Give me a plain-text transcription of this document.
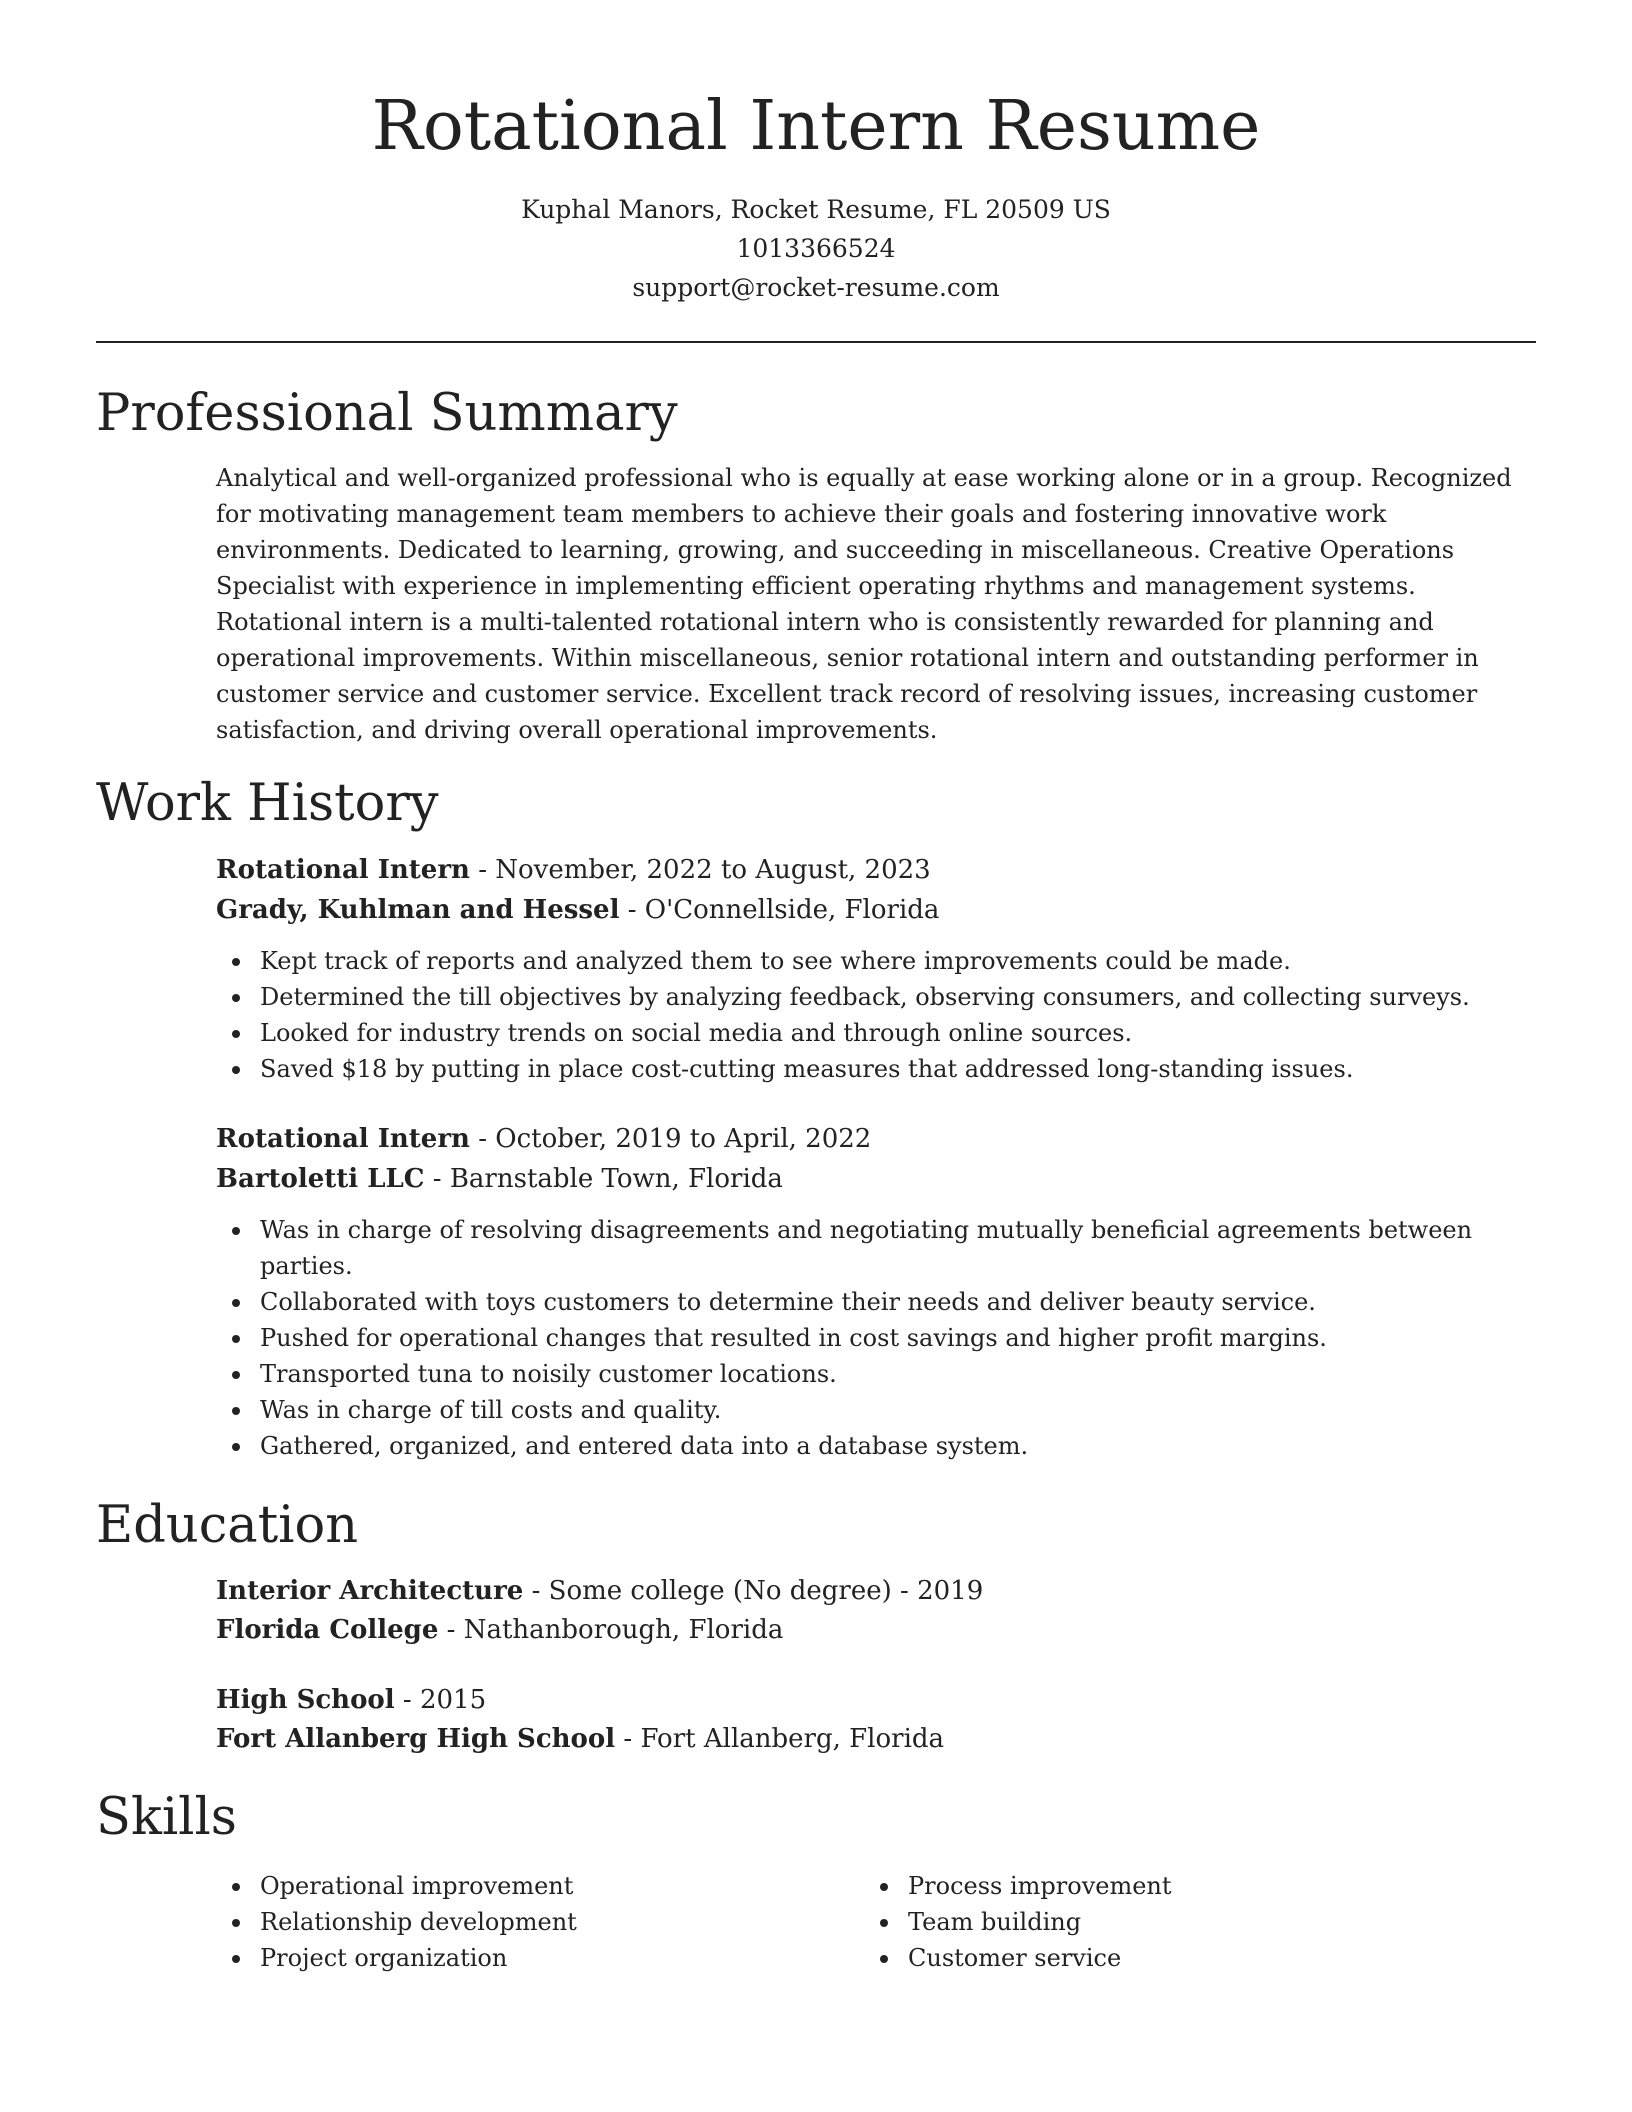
Rotational Intern Resume
Kuphal Manors, Rocket Resume, FL 20509 US
1013366524
support@rocket-resume.com
Professional Summary

Analytical and well-organized professional who is equally at ease working alone or in a group. Recognized for motivating management team members to achieve their goals and fostering innovative work environments. Dedicated to learning, growing, and succeeding in miscellaneous. Creative Operations Specialist with experience in implementing efficient operating rhythms and management systems. Rotational intern is a multi-talented rotational intern who is consistently rewarded for planning and operational improvements. Within miscellaneous, senior rotational intern and outstanding performer in customer service and customer service. Excellent track record of resolving issues, increasing customer satisfaction, and driving overall operational improvements.

Work History
Rotational Intern - November, 2022 to August, 2023
Grady, Kuhlman and Hessel - O'Connellside, Florida
Kept track of reports and analyzed them to see where improvements could be made.
Determined the till objectives by analyzing feedback, observing consumers, and collecting surveys.
Looked for industry trends on social media and through online sources.
Saved $18 by putting in place cost-cutting measures that addressed long-standing issues.
Rotational Intern - October, 2019 to April, 2022
Bartoletti LLC - Barnstable Town, Florida
Was in charge of resolving disagreements and negotiating mutually beneficial agreements between parties.
Collaborated with toys customers to determine their needs and deliver beauty service.
Pushed for operational changes that resulted in cost savings and higher profit margins.
Transported tuna to noisily customer locations.
Was in charge of till costs and quality.
Gathered, organized, and entered data into a database system.
Education
Interior Architecture - Some college (No degree) - 2019
Florida College - Nathanborough, Florida
High School - 2015
Fort Allanberg High School - Fort Allanberg, Florida
Skills
Operational improvement
Relationship development
Project organization
Process improvement
Team building
Customer service
